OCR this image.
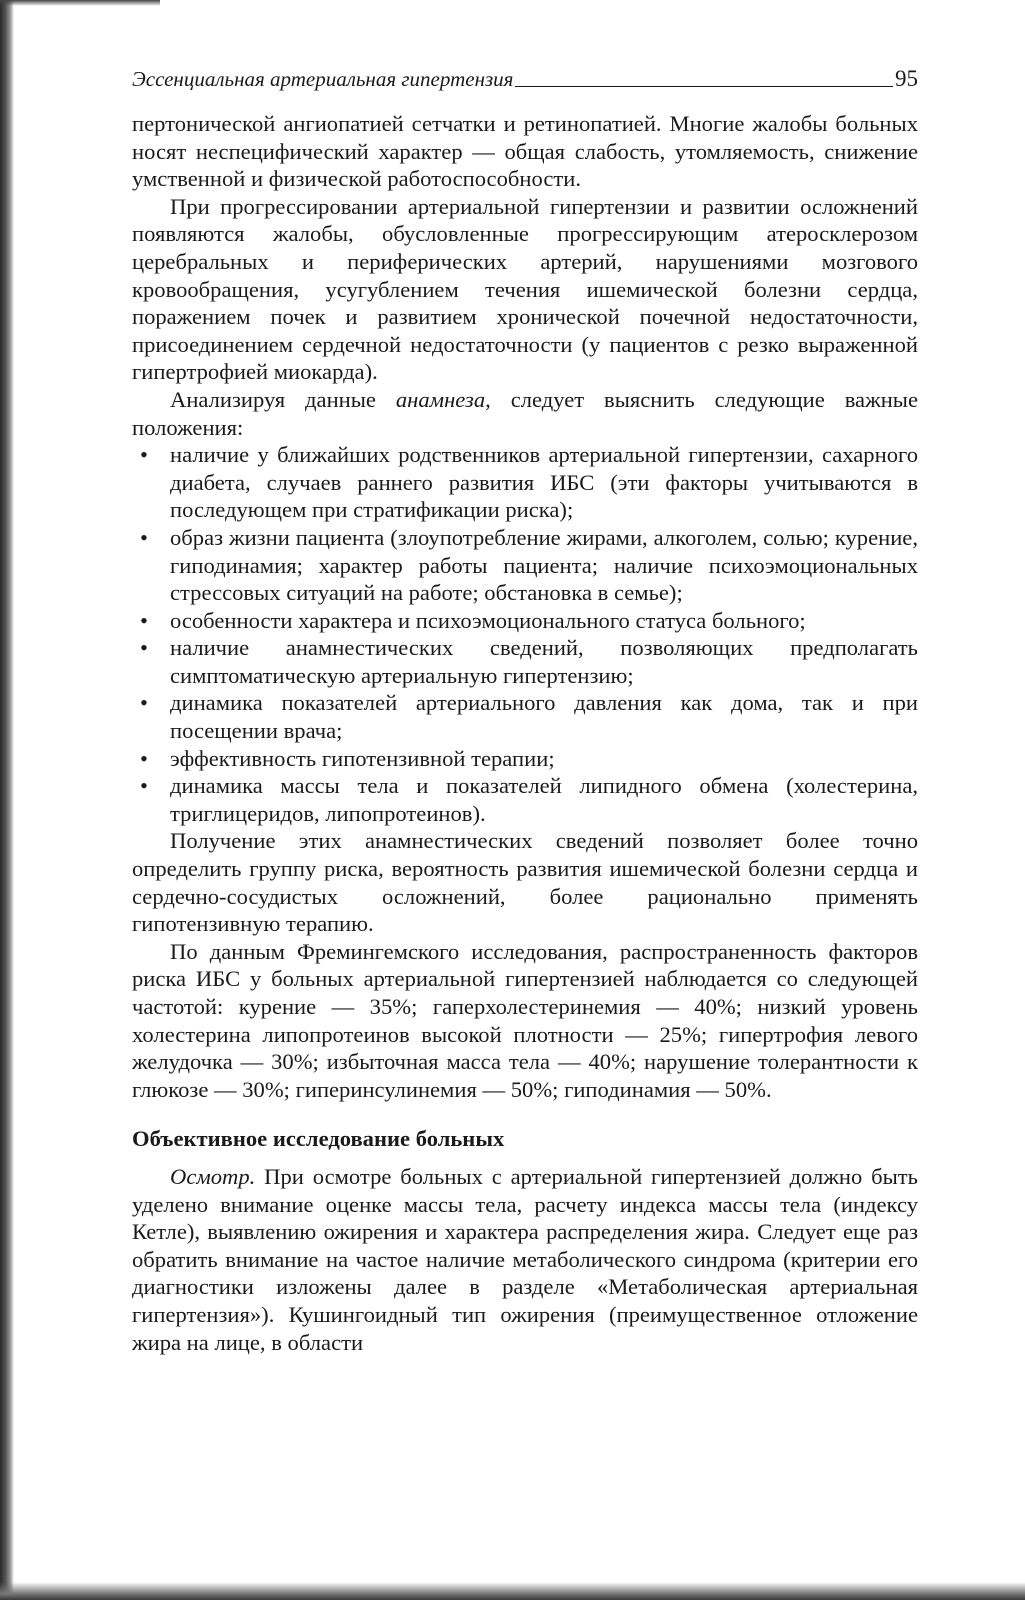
Эссенциальная артериальная гипертензия	95

пертонической ангиопатией сетчатки и ретинопатией. Многие жалобы больных носят неспецифический характер — общая слабость, утомляемость, снижение умственной и физической работоспособности.

При прогрессировании артериальной гипертензии и развитии осложнений появляются жалобы, обусловленные прогрессирующим атеросклерозом церебральных и периферических артерий, нарушениями мозгового кровообращения, усугублением течения ишемической болезни сердца, поражением почек и развитием хронической почечной недостаточности, присоединением сердечной недостаточности (у пациентов с резко выраженной гипертрофией миокарда).

Анализируя данные анамнеза, следует выяснить следующие важные положения:

• наличие у ближайших родственников артериальной гипертензии, сахарного диабета, случаев раннего развития ИБС (эти факторы учитываются в последующем при стратификации риска);
• образ жизни пациента (злоупотребление жирами, алкоголем, солью; курение, гиподинамия; характер работы пациента; наличие психоэмоциональных стрессовых ситуаций на работе; обстановка в семье);
• особенности характера и психоэмоционального статуса больного;
• наличие анамнестических сведений, позволяющих предполагать симптоматическую артериальную гипертензию;
• динамика показателей артериального давления как дома, так и при посещении врача;
• эффективность гипотензивной терапии;
• динамика массы тела и показателей липидного обмена (холестерина, триглицеридов, липопротеинов).

Получение этих анамнестических сведений позволяет более точно определить группу риска, вероятность развития ишемической болезни сердца и сердечно-сосудистых осложнений, более рационально применять гипотензивную терапию.

По данным Фремингемского исследования, распространенность факторов риска ИБС у больных артериальной гипертензией наблюдается со следующей частотой: курение — 35%; гаперхолестеринемия — 40%; низкий уровень холестерина липопротеинов высокой плотности — 25%; гипертрофия левого желудочка — 30%; избыточная масса тела — 40%; нарушение толерантности к глюкозе — 30%; гиперинсулинемия — 50%; гиподинамия — 50%.

Объективное исследование больных

Осмотр. При осмотре больных с артериальной гипертензией должно быть уделено внимание оценке массы тела, расчету индекса массы тела (индексу Кетле), выявлению ожирения и характера распределения жира. Следует еще раз обратить внимание на частое наличие метаболического синдрома (критерии его диагностики изложены далее в разделе «Метаболическая артериальная гипертензия»). Кушингоидный тип ожирения (преимущественное отложение жира на лице, в области
